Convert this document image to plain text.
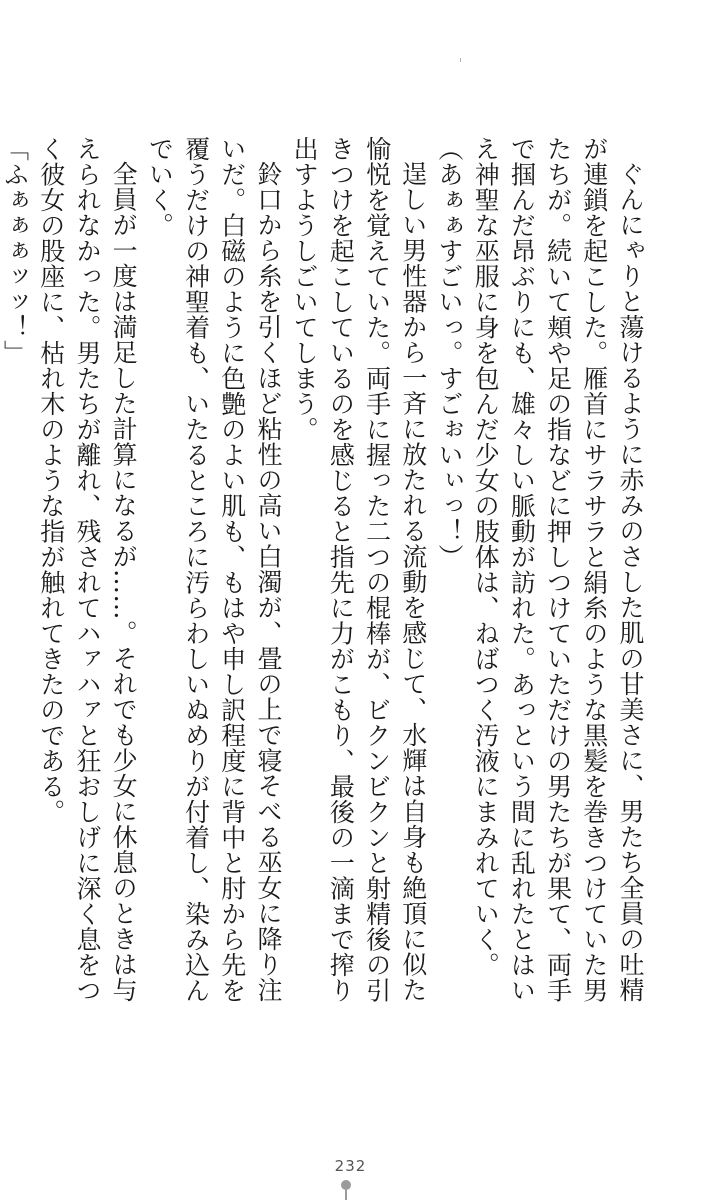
ぐんにゃりと蕩けるように赤みのさした肌の甘美さに、男たち全員の吐精が連鎖を起こした。雁首にサラサラと絹糸のような黒髪を巻きつけていた男たちが。続いて頬や足の指などに押しつけていただけの男たちが果て、両手で掴んだ昂ぶりにも、雄々しい脈動が訪れた。あっという間に乱れたとはいえ神聖な巫服に身を包んだ少女の肢体は、ねばつく汚液にまみれていく。

（あぁぁすごいっ。すごぉいぃっ！）

逞しい男性器から一斉に放たれる流動を感じて、水輝は自身も絶頂に似た愉悦を覚えていた。両手に握った二つの棍棒が、ビクンビクンと射精後の引きつけを起こしているのを感じると指先に力がこもり、最後の一滴まで搾り出すようしごいてしまう。

鈴口から糸を引くほど粘性の高い白濁が、畳の上で寝そべる巫女に降り注いだ。白磁のように色艶のよい肌も、もはや申し訳程度に背中と肘から先を覆うだけの神聖着も、いたるところに汚らわしいぬめりが付着し、染み込んでいく。

全員が一度は満足した計算になるが……。それでも少女に休息のときは与えられなかった。男たちが離れ、残されてハァハァと狂おしげに深く息をつく彼女の股座に、枯れ木のような指が触れてきたのである。

「ふぁぁぁッッ！」

232
